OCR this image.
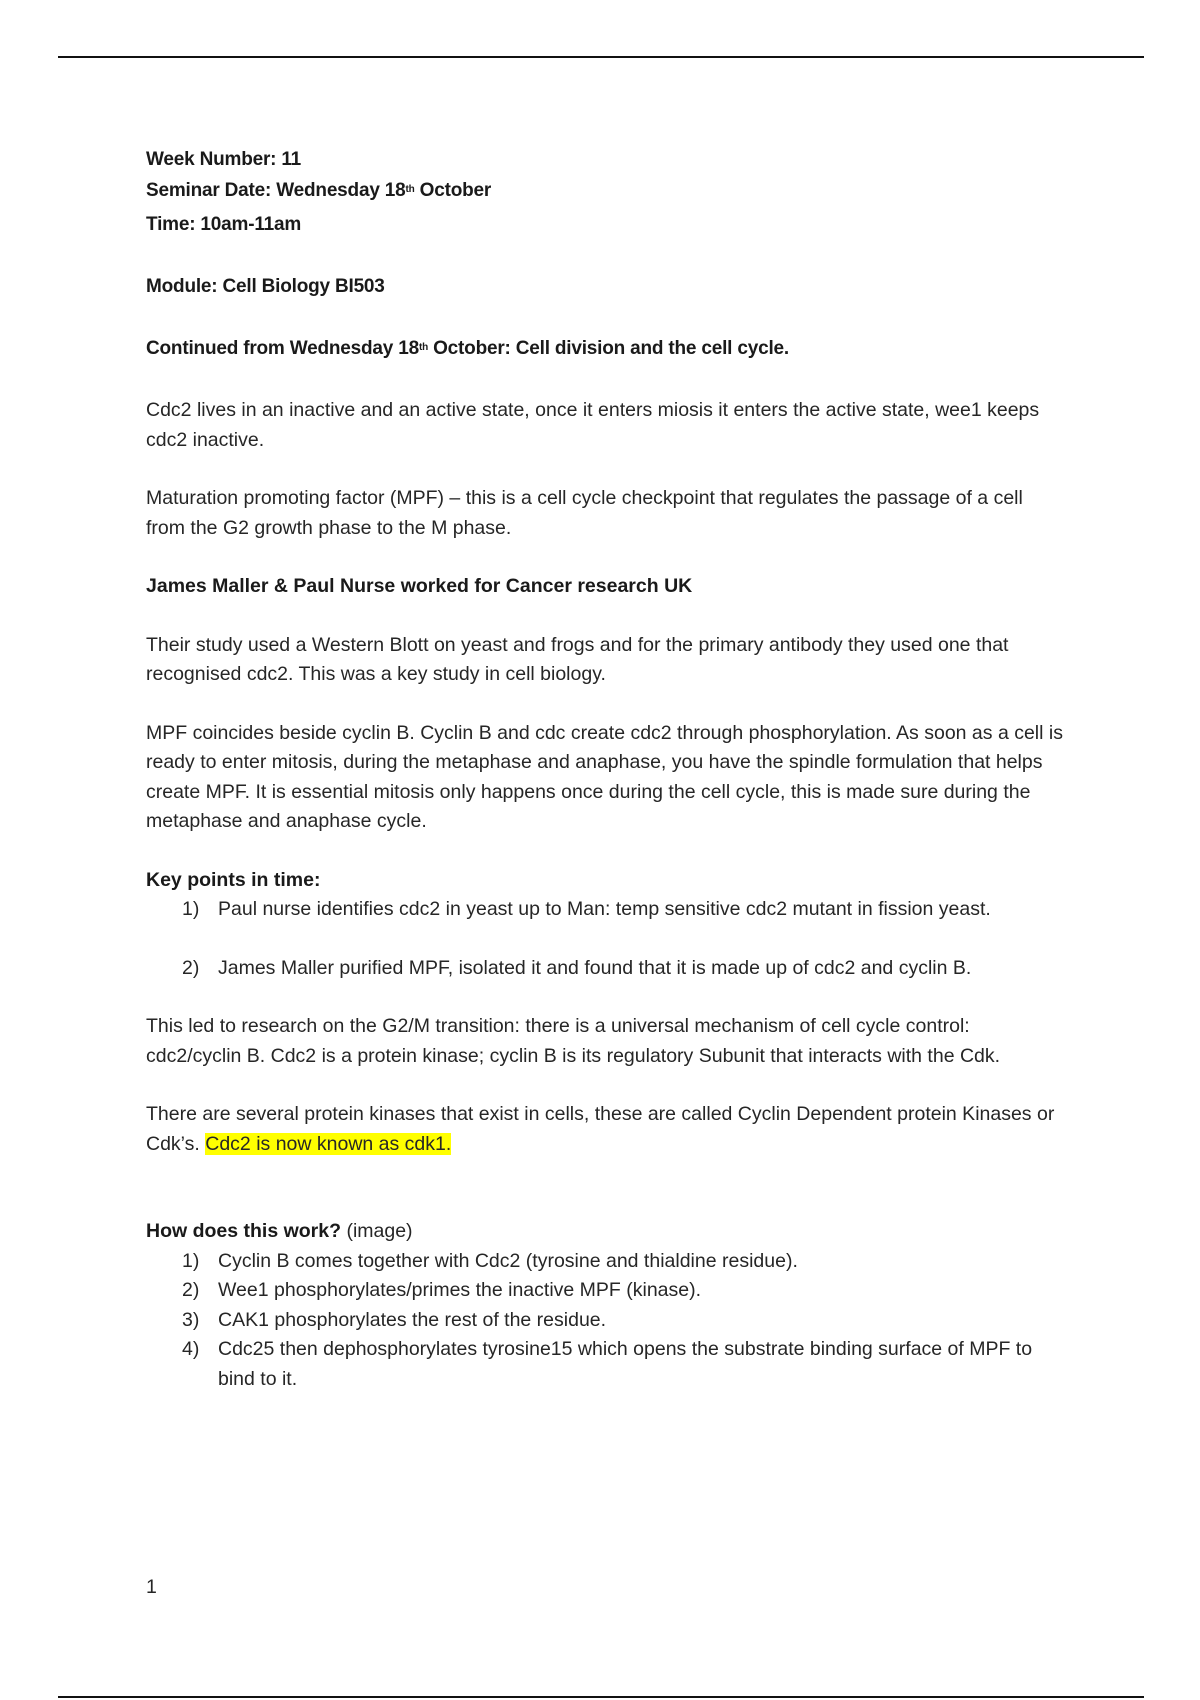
Week Number: 11
Seminar Date: Wednesday 18th October
Time: 10am-11am
Module: Cell Biology BI503
Continued from Wednesday 18th October: Cell division and the cell cycle.

Cdc2 lives in an inactive and an active state, once it enters miosis it enters the active state, wee1 keeps cdc2 inactive.

Maturation promoting factor (MPF) – this is a cell cycle checkpoint that regulates the passage of a cell from the G2 growth phase to the M phase.

James Maller & Paul Nurse worked for Cancer research UK

Their study used a Western Blott on yeast and frogs and for the primary antibody they used one that recognised cdc2. This was a key study in cell biology.

MPF coincides beside cyclin B. Cyclin B and cdc create cdc2 through phosphorylation. As soon as a cell is ready to enter mitosis, during the metaphase and anaphase, you have the spindle formulation that helps create MPF. It is essential mitosis only happens once during the cell cycle, this is made sure during the metaphase and anaphase cycle.

Key points in time:
1) Paul nurse identifies cdc2 in yeast up to Man: temp sensitive cdc2 mutant in fission yeast.
2) James Maller purified MPF, isolated it and found that it is made up of cdc2 and cyclin B.

This led to research on the G2/M transition: there is a universal mechanism of cell cycle control: cdc2/cyclin B. Cdc2 is a protein kinase; cyclin B is its regulatory Subunit that interacts with the Cdk.

There are several protein kinases that exist in cells, these are called Cyclin Dependent protein Kinases or Cdk’s. Cdc2 is now known as cdk1.

How does this work? (image)
1) Cyclin B comes together with Cdc2 (tyrosine and thialdine residue).
2) Wee1 phosphorylates/primes the inactive MPF (kinase).
3) CAK1 phosphorylates the rest of the residue.
4) Cdc25 then dephosphorylates tyrosine15 which opens the substrate binding surface of MPF to bind to it.
1
